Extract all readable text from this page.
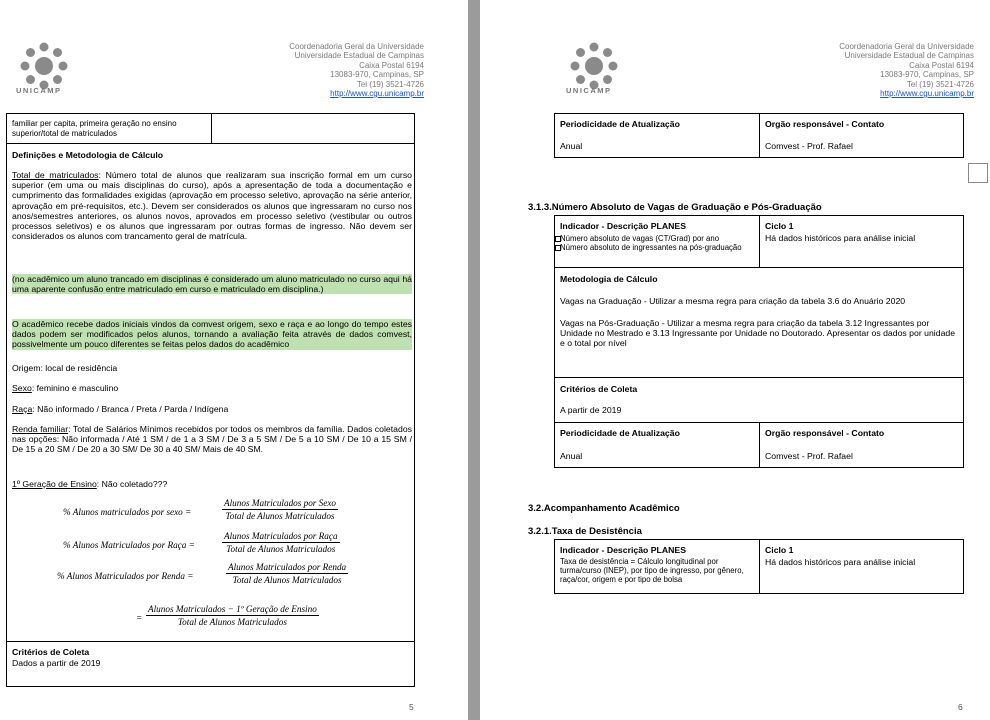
UNICAMP
Coordenadoria Geral da Universidade
Universidade Estadual de Campinas
Caixa Postal 6194
13083-970, Campinas, SP
Tel (19) 3521-4726
http://www.cgu.unicamp.br
familiar per capita, primeira geração no ensino superior/total de matriculados
Definições e Metodologia de Cálculo
Total de matriculados: Número total de alunos que realizaram sua inscrição formal em um curso superior (em uma ou mais disciplinas do curso), após a apresentação de toda a documentação e cumprimento das formalidades exigidas (aprovação em processo seletivo, aprovação na série anterior, aprovação em pré-requisitos, etc.). Devem ser considerados os alunos que ingressaram no curso nos anos/semestres anteriores, os alunos novos, aprovados em processo seletivo (vestibular ou outros processos seletivos) e os alunos que ingressaram por outras formas de ingresso. Não devem ser considerados os alunos com trancamento geral de matrícula.
(no acadêmico um aluno trancado em disciplinas é considerado um aluno matriculado no curso aqui há uma aparente confusão entre matriculado em curso e matriculado em disciplina.)
O acadêmico recebe dados iniciais vindos da comvest origem, sexo e raça e ao longo do tempo estes dados podem ser modificados pelos alunos, tornando a avaliação feita através de dados comvest, possivelmente um pouco diferentes se feitas pelos dados do acadêmico
Origem: local de residência
Sexo: feminino e masculino
Raça: Não informado / Branca / Preta / Parda / Indígena
Renda familiar: Total de Salários Mínimos recebidos por todos os membros da família. Dados coletados nas opções: Não informada / Até 1 SM / de 1 a 3 SM / De 3 a 5 SM / De 5 a 10 SM / De 10 a 15 SM / De 15 a 20 SM / De 20 a 30 SM/ De 30 a 40 SM/ Mais de 40 SM.
1º Geração de Ensino: Não coletado???
% Alunos matriculados por sexo =
Alunos Matriculados por Sexo
Total de Alunos Matriculados
% Alunos Matriculados por Raça =
Alunos Matriculados por Raça
Total de Alunos Matriculados
% Alunos Matriculados por Renda =
Alunos Matriculados por Renda
Total de Alunos Matriculados
=
Alunos Matriculados − 1º Geração de Ensino
Total de Alunos Matriculados
Critérios de Coleta
Dados a partir de 2019
5
UNICAMP
Coordenadoria Geral da Universidade
Universidade Estadual de Campinas
Caixa Postal 6194
13083-970, Campinas, SP
Tel (19) 3521-4726
http://www.cgu.unicamp.br
Periodicidade de Atualização	Orgão responsável - Contato
Anual	Comvest - Prof. Rafael
3.1.3.Número Absoluto de Vagas de Graduação e Pós-Graduação
Indicador - Descrição PLANES
Número absoluto de vagas (CT/Grad) por ano
Número absoluto de ingressantes na pós-graduação
Ciclo 1
Há dados históricos para análise inicial
Metodologia de Cálculo
Vagas na Graduação - Utilizar a mesma regra para criação da tabela 3.6 do Anuário 2020
Vagas na Pós-Graduação - Utilizar a mesma regra para criação da tabela 3.12 Ingressantes por Unidade no Mestrado e 3.13 Ingressante por Unidade no Doutorado. Apresentar os dados por unidade e o total por nível
Critérios de Coleta
A partir de 2019
Periodicidade de Atualização	Orgão responsável - Contato
Anual	Comvest - Prof. Rafael
3.2.Acompanhamento Acadêmico
3.2.1.Taxa de Desistência
Indicador - Descrição PLANES
Taxa de desistência = Cálculo longitudinal por turma/curso (INEP), por tipo de ingresso, por gênero, raça/cor, origem e por tipo de bolsa
Ciclo 1
Há dados históricos para análise inicial
6
